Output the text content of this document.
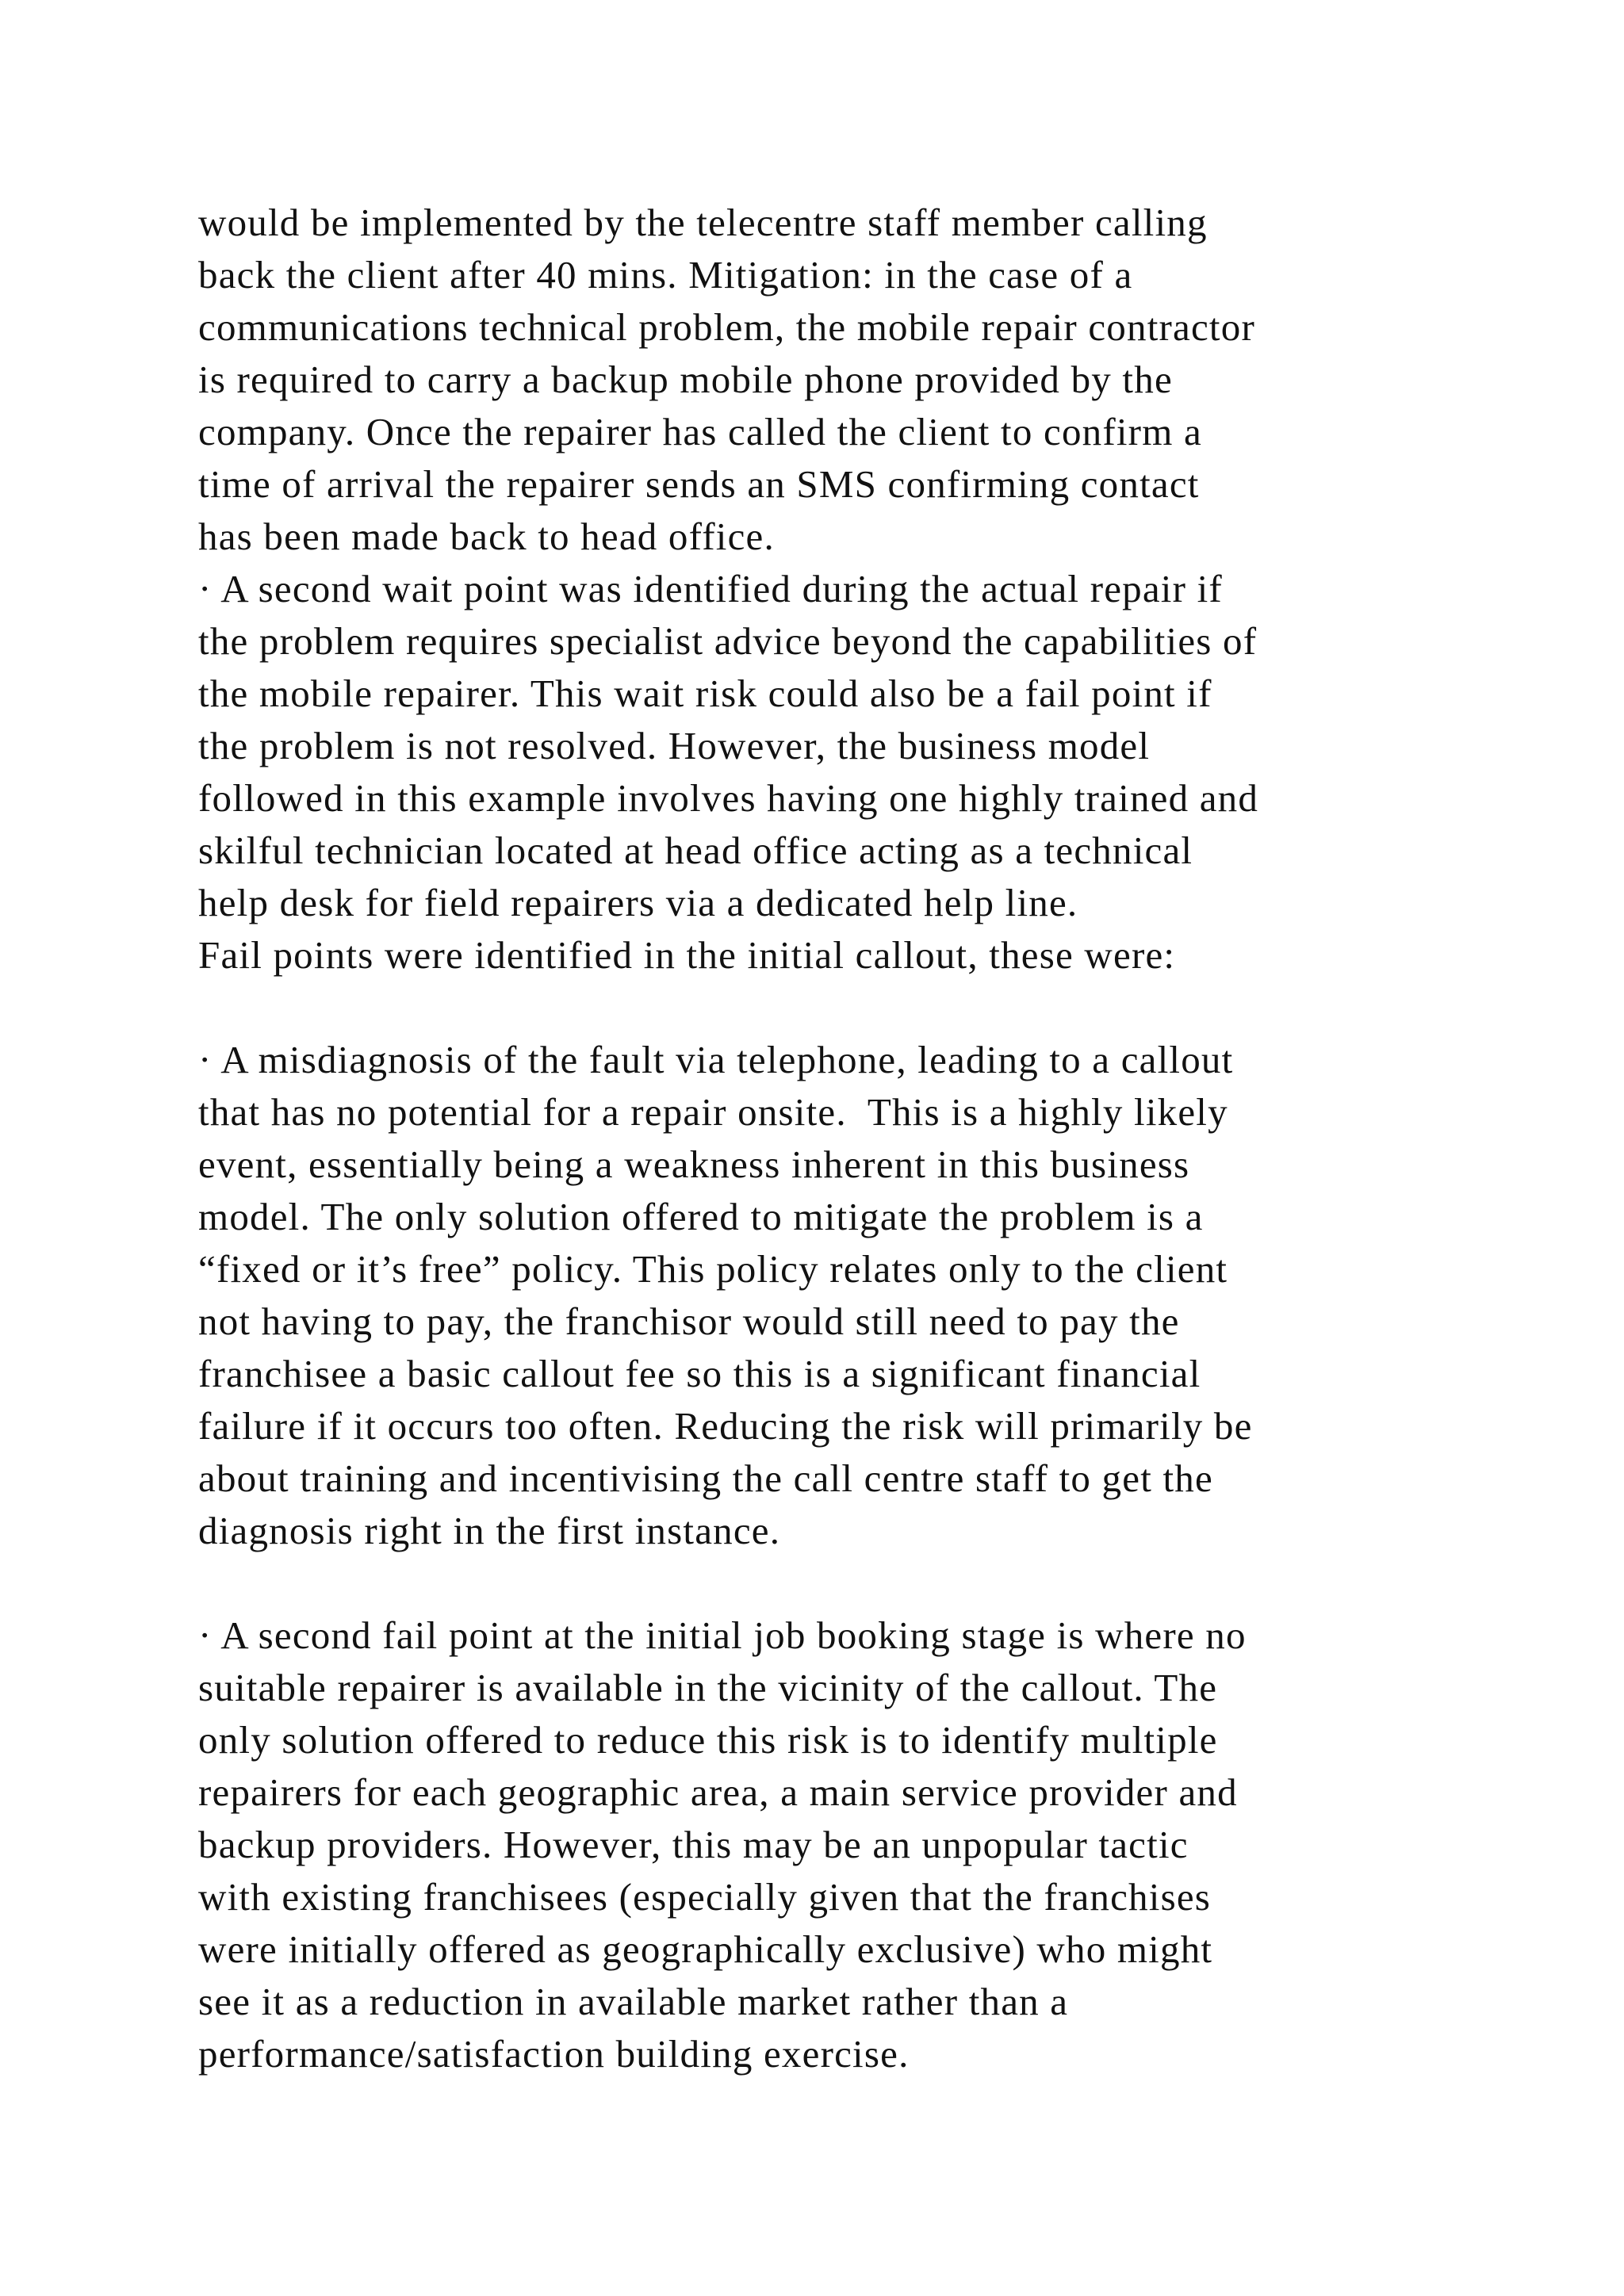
would be implemented by the telecentre staff member calling
back the client after 40 mins. Mitigation: in the case of a
communications technical problem, the mobile repair contractor
is required to carry a backup mobile phone provided by the
company. Once the repairer has called the client to confirm a
time of arrival the repairer sends an SMS confirming contact
has been made back to head office.
· A second wait point was identified during the actual repair if
the problem requires specialist advice beyond the capabilities of
the mobile repairer. This wait risk could also be a fail point if
the problem is not resolved. However, the business model
followed in this example involves having one highly trained and
skilful technician located at head office acting as a technical
help desk for field repairers via a dedicated help line.
Fail points were identified in the initial callout, these were:
· A misdiagnosis of the fault via telephone, leading to a callout
that has no potential for a repair onsite.  This is a highly likely
event, essentially being a weakness inherent in this business
model. The only solution offered to mitigate the problem is a
“fixed or it’s free” policy. This policy relates only to the client
not having to pay, the franchisor would still need to pay the
franchisee a basic callout fee so this is a significant financial
failure if it occurs too often. Reducing the risk will primarily be
about training and incentivising the call centre staff to get the
diagnosis right in the first instance.
· A second fail point at the initial job booking stage is where no
suitable repairer is available in the vicinity of the callout. The
only solution offered to reduce this risk is to identify multiple
repairers for each geographic area, a main service provider and
backup providers. However, this may be an unpopular tactic
with existing franchisees (especially given that the franchises
were initially offered as geographically exclusive) who might
see it as a reduction in available market rather than a
performance/satisfaction building exercise.
